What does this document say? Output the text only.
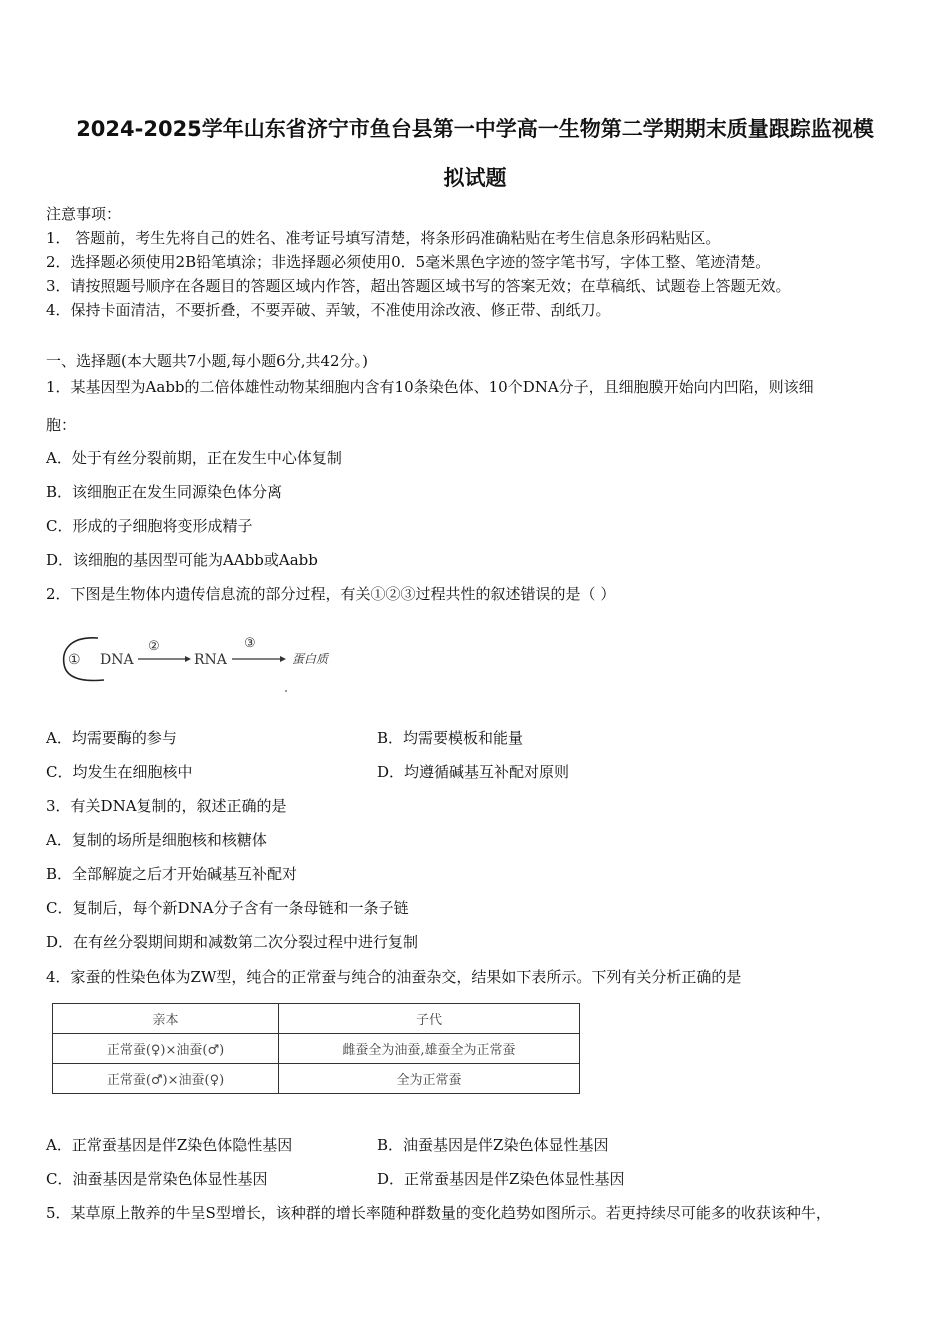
2024-2025学年山东省济宁市鱼台县第一中学高一生物第二学期期末质量跟踪监视模
拟试题
注意事项：
1． 答题前，考生先将自己的姓名、准考证号填写清楚，将条形码准确粘贴在考生信息条形码粘贴区。
2．选择题必须使用2B铅笔填涂；非选择题必须使用0．5毫米黑色字迹的签字笔书写，字体工整、笔迹清楚。
3．请按照题号顺序在各题目的答题区域内作答，超出答题区域书写的答案无效；在草稿纸、试题卷上答题无效。
4．保持卡面清洁，不要折叠，不要弄破、弄皱，不准使用涂改液、修正带、刮纸刀。
一、选择题(本大题共7小题,每小题6分,共42分。)
1．某基因型为Aabb的二倍体雄性动物某细胞内含有10条染色体、10个DNA分子，且细胞膜开始向内凹陷，则该细
胞：
A．处于有丝分裂前期，正在发生中心体复制
B．该细胞正在发生同源染色体分离
C．形成的子细胞将变形成精子
D．该细胞的基因型可能为AAbb或Aabb
2．下图是生物体内遗传信息流的部分过程，有关①②③过程共性的叙述错误的是（ ）
① DNA
②
RNA
③
蛋白质
A．均需要酶的参与	B．均需要模板和能量
C．均发生在细胞核中	D．均遵循碱基互补配对原则
3．有关DNA复制的，叙述正确的是
A．复制的场所是细胞核和核糖体
B．全部解旋之后才开始碱基互补配对
C．复制后，每个新DNA分子含有一条母链和一条子链
D．在有丝分裂期间期和减数第二次分裂过程中进行复制
4．家蚕的性染色体为ZW型，纯合的正常蚕与纯合的油蚕杂交，结果如下表所示。下列有关分析正确的是
亲本	子代
正常蚕(♀)×油蚕(♂)	雌蚕全为油蚕,雄蚕全为正常蚕
正常蚕(♂)×油蚕(♀)	全为正常蚕
A．正常蚕基因是伴Z染色体隐性基因	B．油蚕基因是伴Z染色体显性基因
C．油蚕基因是常染色体显性基因	D．正常蚕基因是伴Z染色体显性基因
5．某草原上散养的牛呈S型增长，该种群的增长率随种群数量的变化趋势如图所示。若更持续尽可能多的收获该种牛，
